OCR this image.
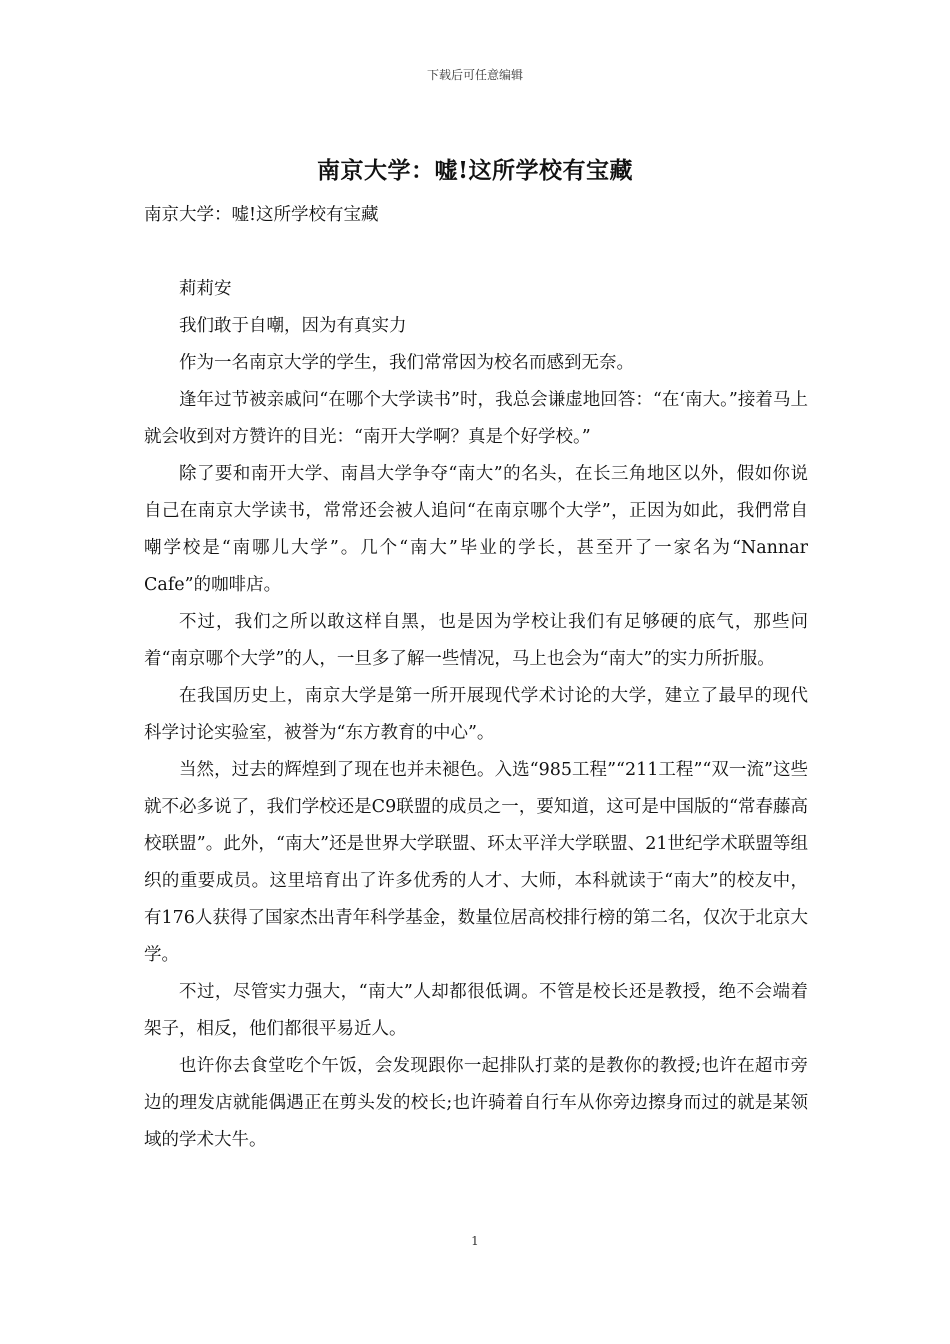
下载后可任意编辑
南京大学：嘘!这所学校有宝藏

南京大学：嘘!这所学校有宝藏

莉莉安

我们敢于自嘲，因为有真实力

作为一名南京大学的学生，我们常常因为校名而感到无奈。

逢年过节被亲戚问“在哪个大学读书”时，我总会谦虚地回答：“在‘南大。”接着马上就会收到对方赞许的目光：“南开大学啊？真是个好学校。”

除了要和南开大学、南昌大学争夺“南大”的名头，在长三角地区以外，假如你说自己在南京大学读书，常常还会被人追问“在南京哪个大学”，正因为如此，我們常自嘲学校是“南哪儿大学”。几个“南大”毕业的学长，甚至开了一家名为“Nannar Cafe”的咖啡店。

不过，我们之所以敢这样自黑，也是因为学校让我们有足够硬的底气，那些问着“南京哪个大学”的人，一旦多了解一些情况，马上也会为“南大”的实力所折服。

在我国历史上，南京大学是第一所开展现代学术讨论的大学，建立了最早的现代科学讨论实验室，被誉为“东方教育的中心”。

当然，过去的辉煌到了现在也并未褪色。入选“985工程”“211工程”“双一流”这些就不必多说了，我们学校还是C9联盟的成员之一，要知道，这可是中国版的“常春藤高校联盟”。此外，“南大”还是世界大学联盟、环太平洋大学联盟、21世纪学术联盟等组织的重要成员。这里培育出了许多优秀的人才、大师，本科就读于“南大”的校友中，有176人获得了国家杰出青年科学基金，数量位居高校排行榜的第二名，仅次于北京大学。

不过，尽管实力强大，“南大”人却都很低调。不管是校长还是教授，绝不会端着架子，相反，他们都很平易近人。

也许你去食堂吃个午饭，会发现跟你一起排队打菜的是教你的教授;也许在超市旁边的理发店就能偶遇正在剪头发的校长;也许骑着自行车从你旁边擦身而过的就是某领域的学术大牛。

1
